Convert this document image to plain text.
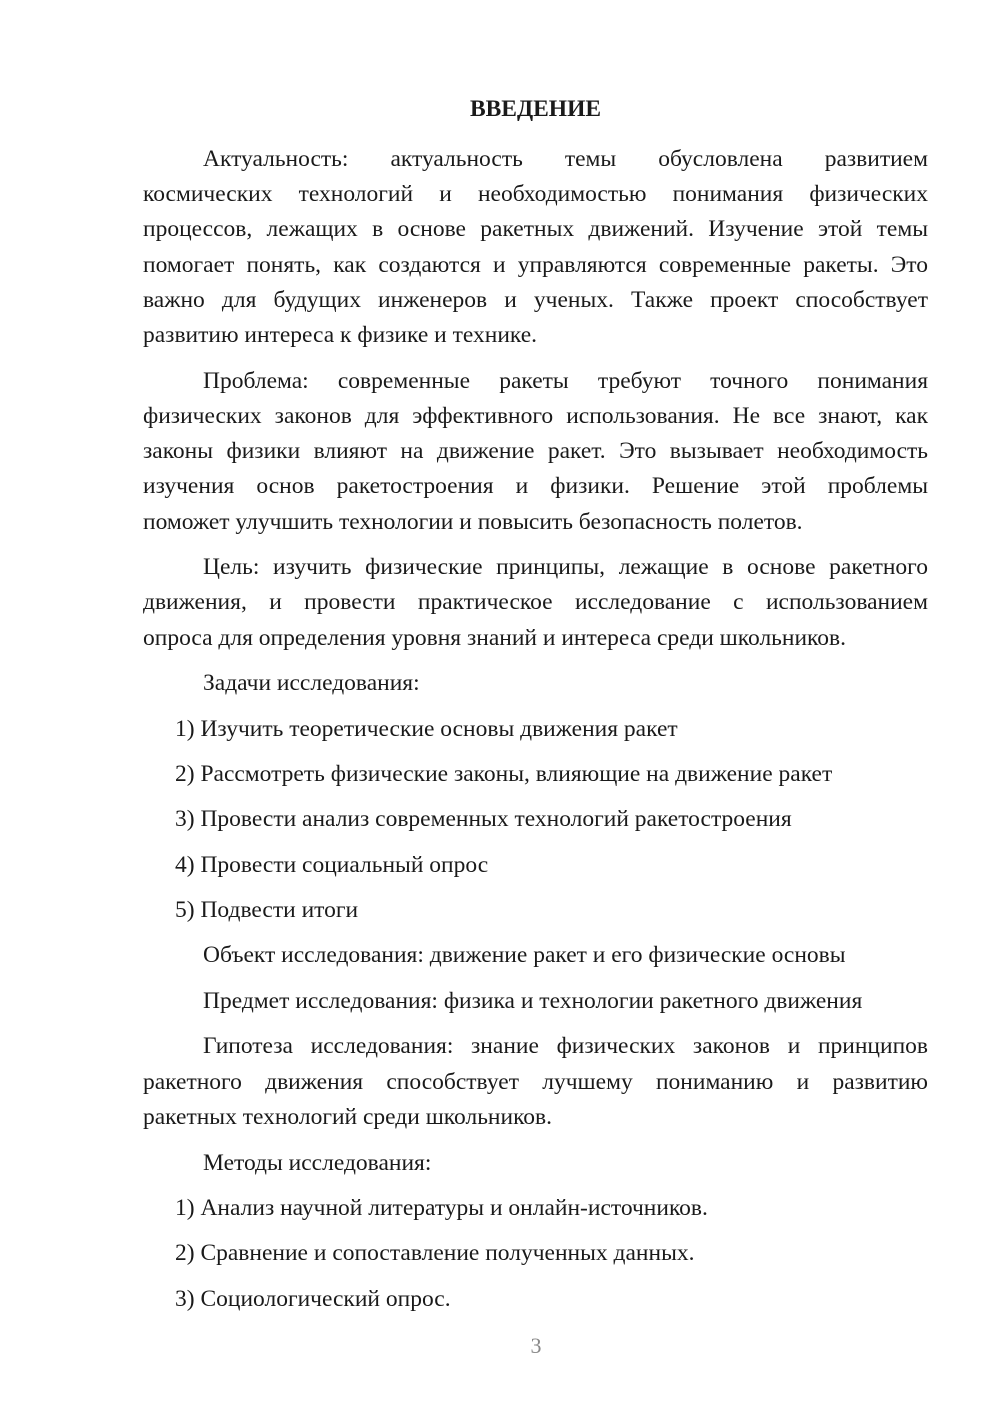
ВВЕДЕНИЕ
Актуальность: актуальность темы обусловлена развитием
космических технологий и необходимостью понимания физических
процессов, лежащих в основе ракетных движений. Изучение этой темы
помогает понять, как создаются и управляются современные ракеты. Это
важно для будущих инженеров и ученых. Также проект способствует
развитию интереса к физике и технике.
Проблема: современные ракеты требуют точного понимания
физических законов для эффективного использования. Не все знают, как
законы физики влияют на движение ракет. Это вызывает необходимость
изучения основ ракетостроения и физики. Решение этой проблемы
поможет улучшить технологии и повысить безопасность полетов.
Цель: изучить физические принципы, лежащие в основе ракетного
движения, и провести практическое исследование с использованием
опроса для определения уровня знаний и интереса среди школьников.
Задачи исследования:
1) Изучить теоретические основы движения ракет
2) Рассмотреть физические законы, влияющие на движение ракет
3) Провести анализ современных технологий ракетостроения
4) Провести социальный опрос
5) Подвести итоги
Объект исследования: движение ракет и его физические основы
Предмет исследования: физика и технологии ракетного движения
Гипотеза исследования: знание физических законов и принципов
ракетного движения способствует лучшему пониманию и развитию
ракетных технологий среди школьников.
Методы исследования:
1) Анализ научной литературы и онлайн-источников.
2) Сравнение и сопоставление полученных данных.
3) Социологический опрос.
3
